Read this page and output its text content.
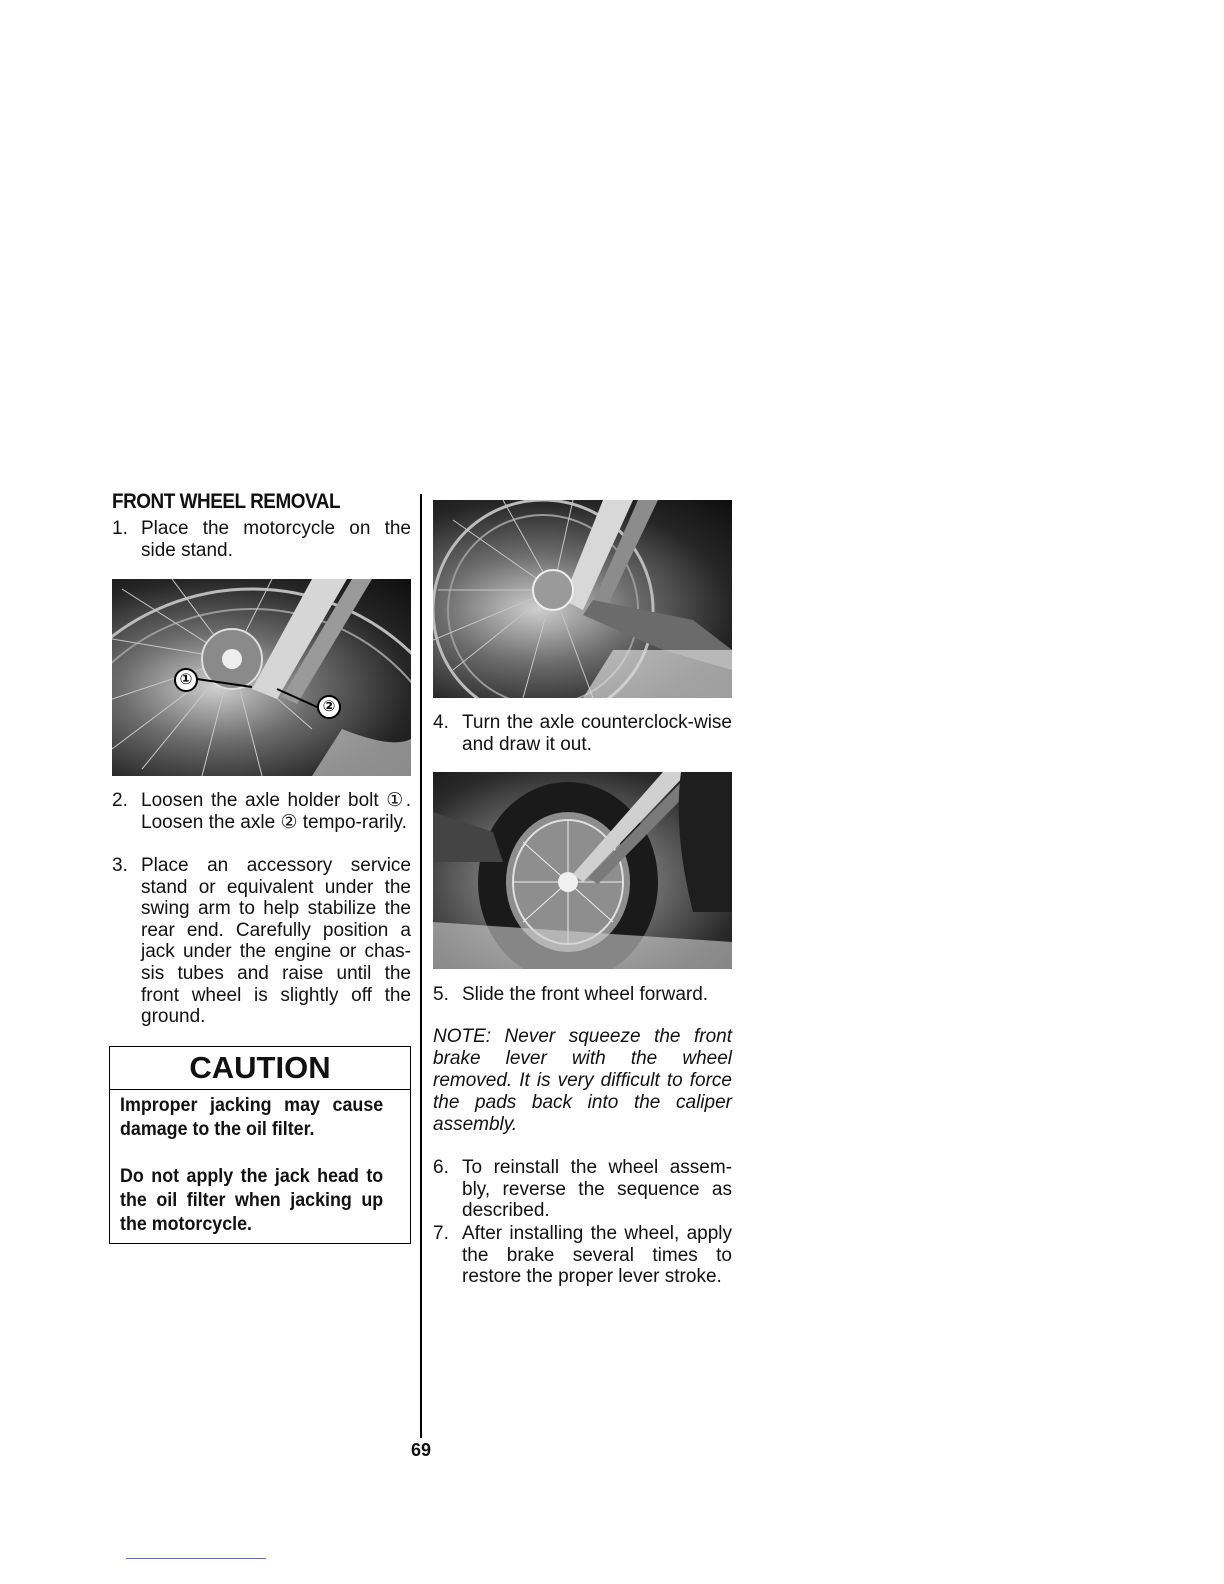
FRONT WHEEL REMOVAL
1. Place the motorcycle on the side stand.
①
②
2. Loosen the axle holder bolt ①. Loosen the axle ② tempo-rarily.
3. Place an accessory service stand or equivalent under the swing arm to help stabilize the rear end. Carefully position a jack under the engine or chas-sis tubes and raise until the front wheel is slightly off the ground.
CAUTION
Improper jacking may cause damage to the oil filter.
Do not apply the jack head to the oil filter when jacking up the motorcycle.
4. Turn the axle counterclock-wise and draw it out.
5. Slide the front wheel forward.
NOTE: Never squeeze the front brake lever with the wheel removed. It is very difficult to force the pads back into the caliper assembly.
6. To reinstall the wheel assem-bly, reverse the sequence as described.
7. After installing the wheel, apply the brake several times to restore the proper lever stroke.
69
